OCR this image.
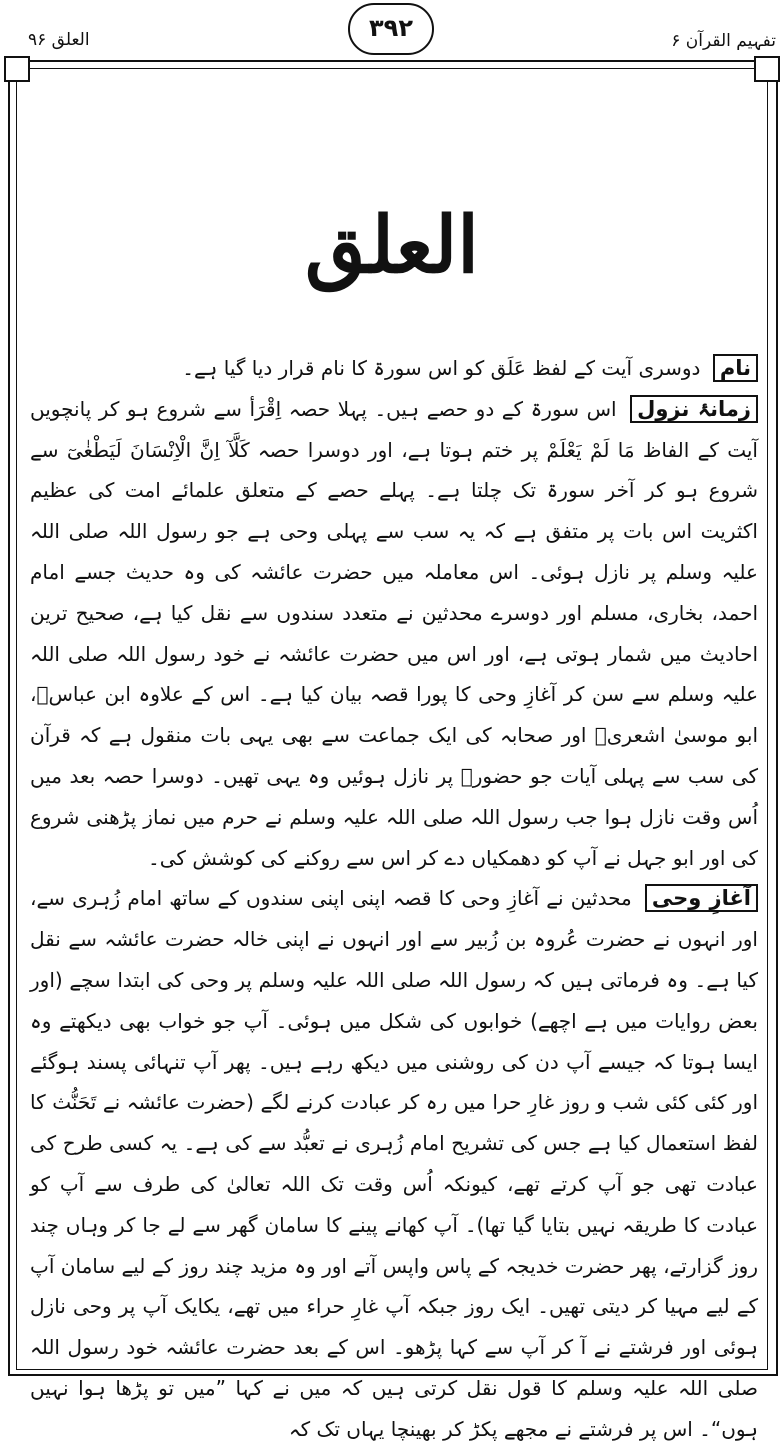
تفہیم القرآن ۶
۳۹۲
العلق ۹۶
العلق

نام دوسری آیت کے لفظ عَلَق کو اس سورۃ کا نام قرار دیا گیا ہے۔

زمانۂ نزول اس سورۃ کے دو حصے ہیں۔ پہلا حصہ اِقْرَأ سے شروع ہو کر پانچویں آیت کے الفاظ مَا لَمْ يَعْلَمْ پر ختم ہوتا ہے، اور دوسرا حصہ كَلَّآ اِنَّ الْاِنْسَانَ لَيَطْغٰىٓ سے شروع ہو کر آخر سورۃ تک چلتا ہے۔ پہلے حصے کے متعلق علمائے امت کی عظیم اکثریت اس بات پر متفق ہے کہ یہ سب سے پہلی وحی ہے جو رسول اللہ صلی اللہ علیہ وسلم پر نازل ہوئی۔ اس معاملہ میں حضرت عائشہ کی وہ حدیث جسے امام احمد، بخاری، مسلم اور دوسرے محدثین نے متعدد سندوں سے نقل کیا ہے، صحیح ترین احادیث میں شمار ہوتی ہے، اور اس میں حضرت عائشہ نے خود رسول اللہ صلی اللہ علیہ وسلم سے سن کر آغازِ وحی کا پورا قصہ بیان کیا ہے۔ اس کے علاوہ ابن عباسؓ، ابو موسیٰ اشعریؓ اور صحابہ کی ایک جماعت سے بھی یہی بات منقول ہے کہ قرآن کی سب سے پہلی آیات جو حضورؐ پر نازل ہوئیں وہ یہی تھیں۔ دوسرا حصہ بعد میں اُس وقت نازل ہوا جب رسول اللہ صلی اللہ علیہ وسلم نے حرم میں نماز پڑھنی شروع کی اور ابو جہل نے آپ کو دھمکیاں دے کر اس سے روکنے کی کوشش کی۔

آغازِ وحی محدثین نے آغازِ وحی کا قصہ اپنی اپنی سندوں کے ساتھ امام زُہری سے، اور انہوں نے حضرت عُروہ بن زُبیر سے اور انہوں نے اپنی خالہ حضرت عائشہ سے نقل کیا ہے۔ وہ فرماتی ہیں کہ رسول اللہ صلی اللہ علیہ وسلم پر وحی کی ابتدا سچے (اور بعض روایات میں ہے اچھے) خوابوں کی شکل میں ہوئی۔ آپ جو خواب بھی دیکھتے وہ ایسا ہوتا کہ جیسے آپ دن کی روشنی میں دیکھ رہے ہیں۔ پھر آپ تنہائی پسند ہوگئے اور کئی کئی شب و روز غارِ حرا میں رہ کر عبادت کرنے لگے (حضرت عائشہ نے تَحَنُّث کا لفظ استعمال کیا ہے جس کی تشریح امام زُہری نے تعبُّد سے کی ہے۔ یہ کسی طرح کی عبادت تھی جو آپ کرتے تھے، کیونکہ اُس وقت تک اللہ تعالیٰ کی طرف سے آپ کو عبادت کا طریقہ نہیں بتایا گیا تھا)۔ آپ کھانے پینے کا سامان گھر سے لے جا کر وہاں چند روز گزارتے، پھر حضرت خدیجہ کے پاس واپس آتے اور وہ مزید چند روز کے لیے سامان آپ کے لیے مہیا کر دیتی تھیں۔ ایک روز جبکہ آپ غارِ حراء میں تھے، یکایک آپ پر وحی نازل ہوئی اور فرشتے نے آ کر آپ سے کہا پڑھو۔ اس کے بعد حضرت عائشہ خود رسول اللہ صلی اللہ علیہ وسلم کا قول نقل کرتی ہیں کہ میں نے کہا ”میں تو پڑھا ہوا نہیں ہوں“۔ اس پر فرشتے نے مجھے پکڑ کر بھینچا یہاں تک کہ
